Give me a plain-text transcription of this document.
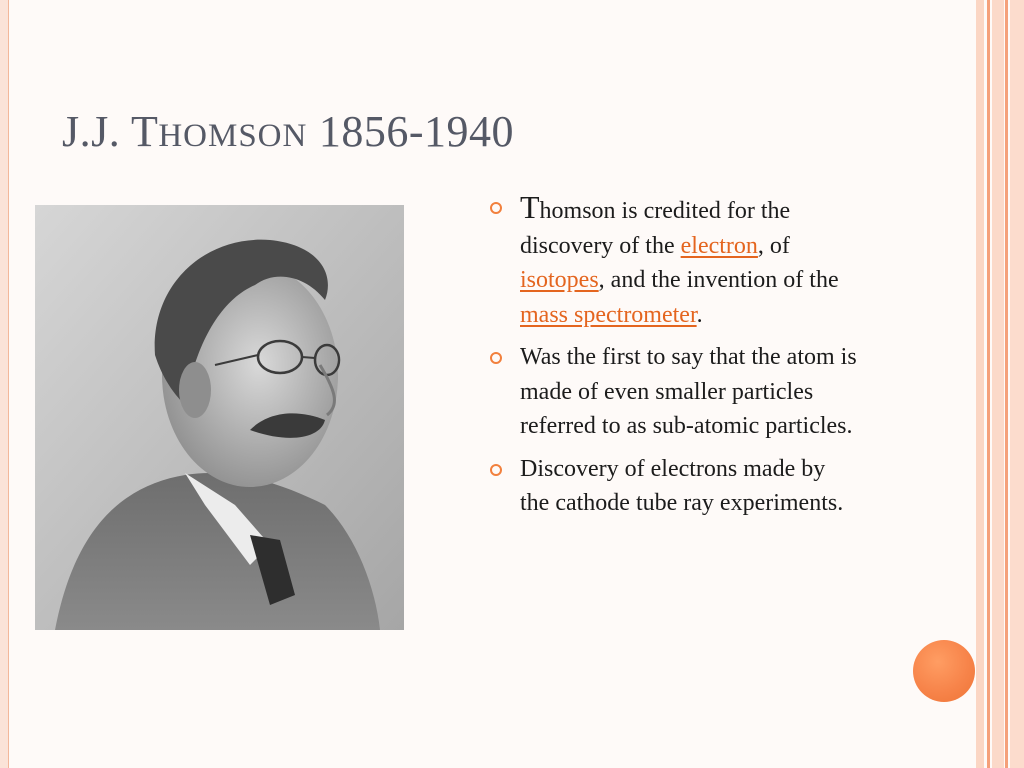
J.J. THOMSON 1856-1940
Thomson is credited for the discovery of the electron, of isotopes, and the invention of the mass spectrometer.
Was the first to say that the atom is made of even smaller particles referred to as sub-atomic particles.
Discovery of electrons made by the cathode tube ray experiments.
